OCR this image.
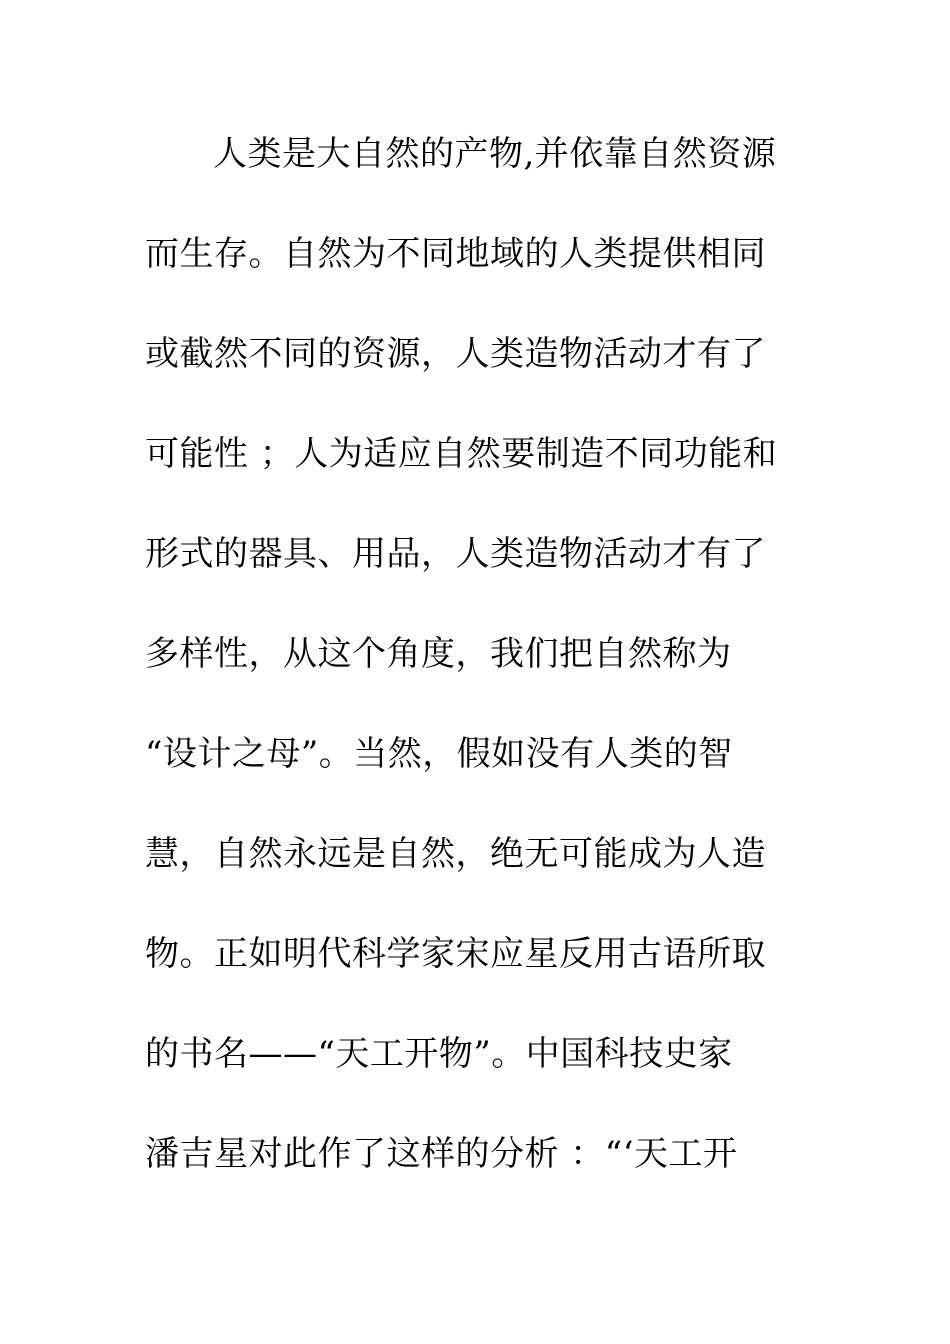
人类是大自然的产物,并依靠自然资源
而生存。自然为不同地域的人类提供相同
或截然不同的资源，人类造物活动才有了
可能性 ；人为适应自然要制造不同功能和
形式的器具、用品，人类造物活动才有了
多样性，从这个角度，我们把自然称为
“设计之母”。当然，假如没有人类的智
慧，自然永远是自然，绝无可能成为人造
物。正如明代科学家宋应星反用古语所取
的书名——“天工开物”。中国科技史家
潘吉星对此作了这样的分析 ：“‘天工开
